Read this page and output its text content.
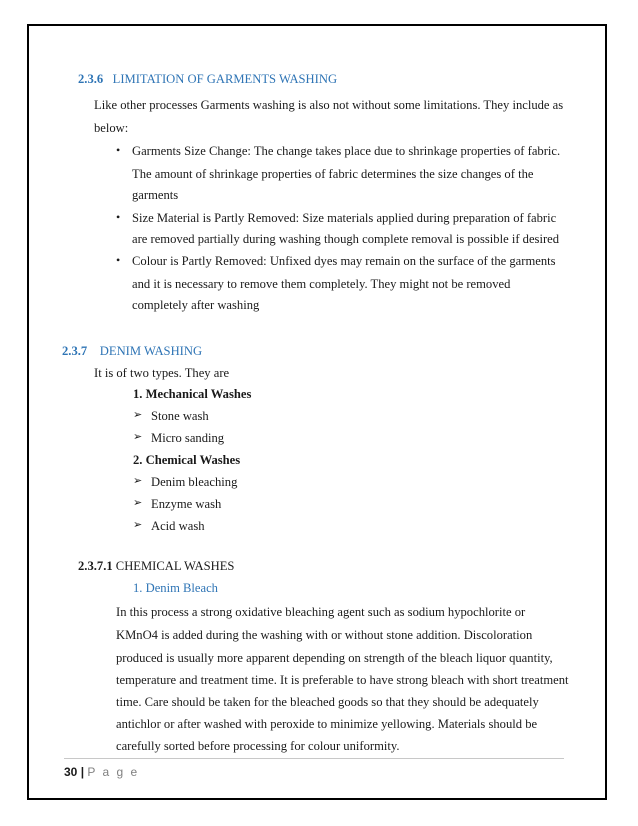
2.3.6 LIMITATION OF GARMENTS WASHING
Like other processes Garments washing is also not without some limitations. They include as
below:
• Garments Size Change: The change takes place due to shrinkage properties of fabric.
The amount of shrinkage properties of fabric determines the size changes of the
garments
• Size Material is Partly Removed: Size materials applied during preparation of fabric
are removed partially during washing though complete removal is possible if desired
• Colour is Partly Removed: Unfixed dyes may remain on the surface of the garments
and it is necessary to remove them completely. They might not be removed
completely after washing
2.3.7 DENIM WASHING
It is of two types. They are
1. Mechanical Washes
➢ Stone wash
➢ Micro sanding
2. Chemical Washes
➢ Denim bleaching
➢ Enzyme wash
➢ Acid wash
2.3.7.1 CHEMICAL WASHES
1. Denim Bleach
In this process a strong oxidative bleaching agent such as sodium hypochlorite or
KMnO4 is added during the washing with or without stone addition. Discoloration
produced is usually more apparent depending on strength of the bleach liquor quantity,
temperature and treatment time. It is preferable to have strong bleach with short treatment
time. Care should be taken for the bleached goods so that they should be adequately
antichlor or after washed with peroxide to minimize yellowing. Materials should be
carefully sorted before processing for colour uniformity.
30 | P a g e
